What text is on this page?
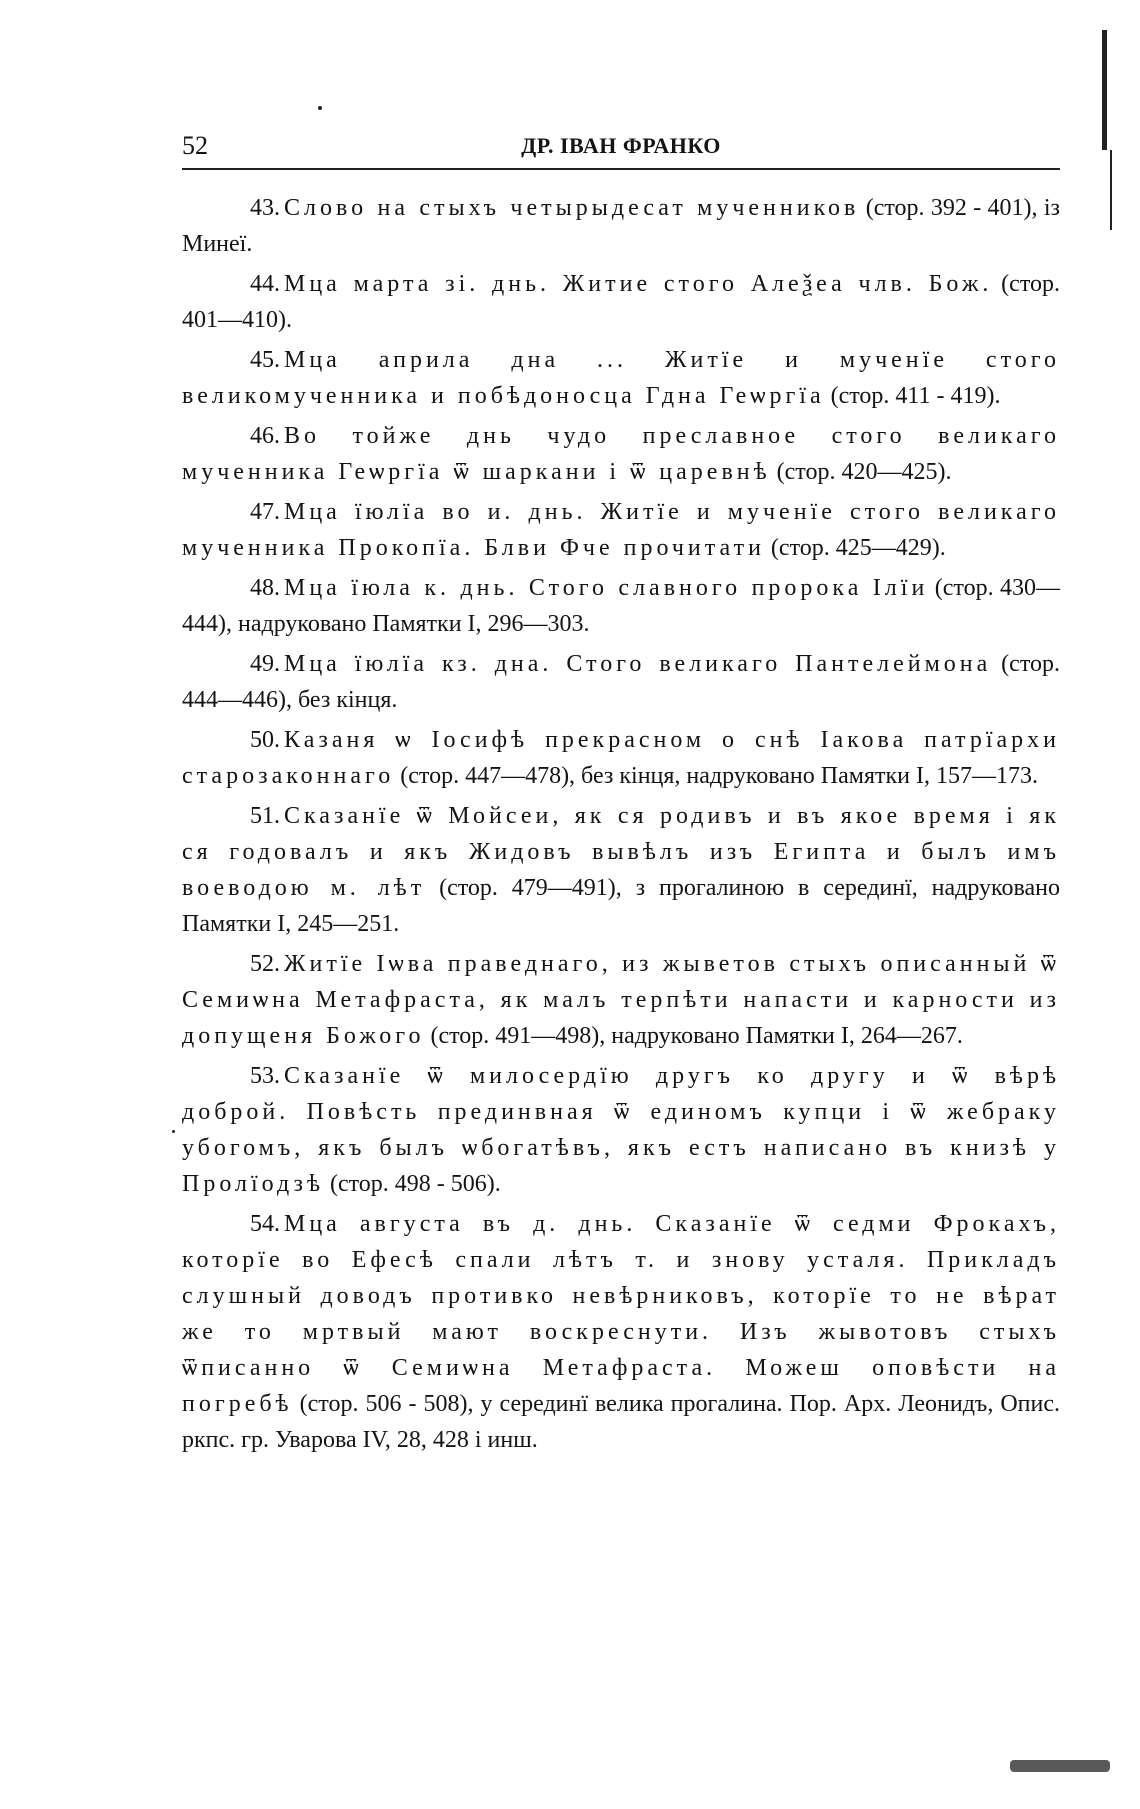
52	ДР. ІВАН ФРАНКО

43. Слово на стыхъ четырыдесат мученников (стор. 392 - 401), із Минеї.

44. Мца марта зі. днь. Житие стого Алеѯеа члв. Бож. (стор. 401—410).

45. Мца априла дна ... Житїе и мученїе стого великомученника и побѣдоносца Гдна Геѡргїа (стор. 411 - 419).

46. Во тойже днь чудо преславное стого великаго мученника Геѡргїа ѿ шаркани і ѿ царевнѣ (стор. 420—425).

47. Мца їюлїа во и. днь. Житїе и мученїе стого великаго мученника Прокопїа. Блви Фче прочитати (стор. 425—429).

48. Мца їюла к. днь. Стого славного пророка Ілїи (стор. 430—444), надруковано Памятки I, 296—303.

49. Мца їюлїа кз. дна. Стого великаго Пантелеймона (стор. 444—446), без кінця.

50. Казаня ѡ Іосифѣ прекрасном о снѣ Іакова патрїархи старозаконнаго (стор. 447—478), без кінця, надруковано Памятки I, 157—173.

51. Сказанїе ѿ Мойсеи, як ся родивъ и въ якое время і як ся годовалъ и якъ Жидовъ вывѣлъ изъ Египта и былъ имъ воеводою м. лѣт (стор. 479—491), з прогалиною в серединї, надруковано Памятки I, 245—251.

52. Житїе Іѡва праведнаго, из жыветов стыхъ описанный ѿ Семиѡна Метафраста, як малъ терпѣти напасти и карности из допущеня Божого (стор. 491—498), надруковано Памятки I, 264—267.

53. Сказанїе ѿ милосердїю другъ ко другу и ѿ вѣрѣ доброй. Повѣсть прединвная ѿ единомъ купци і ѿ жебраку убогомъ, якъ былъ ѡбогатѣвъ, якъ естъ написано въ книзѣ у Пролїодзѣ (стор. 498 - 506).

54. Мца августа въ д. днь. Сказанїе ѿ седми Фрокахъ, которїе во Ефесѣ спали лѣтъ т. и знову усталя. Прикладъ слушный доводъ противко невѣрниковъ, которїе то не вѣрат же то мртвый мают воскреснути. Изъ жывотовъ стыхъ ѿписанно ѿ Семиѡна Метафраста. Можеш оповѣсти на погребѣ (стор. 506 - 508), у серединї велика прогалина. Пор. Арх. Леонидъ, Опис. ркпс. гр. Уварова IV, 28, 428 і инш.
